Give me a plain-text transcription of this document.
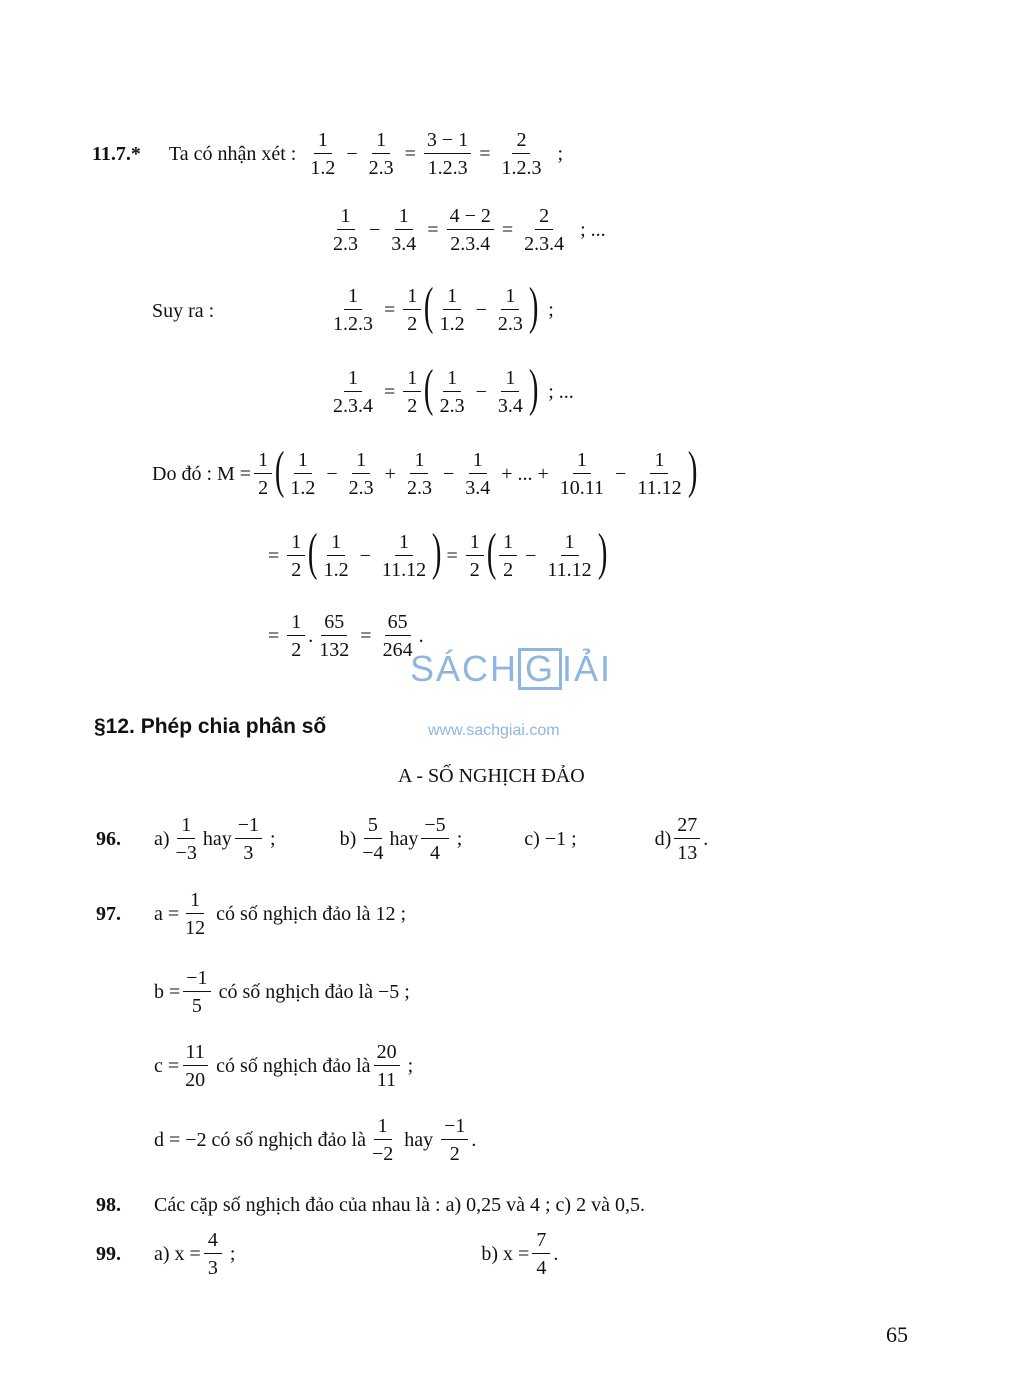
11.7.* Ta có nhận xét : $\frac{1}{1.2} - \frac{1}{2.3} = \frac{3 - 1}{1.2.3} = \frac{2}{1.2.3}$
;
$\frac{1}{2.3} - \frac{1}{3.4} = \frac{4 - 2}{2.3.4} = \frac{2}{2.3.4}$
; ...
Suy ra :	$\frac{1}{1.2.3} = \frac{1}{2}$ ( $\frac{1}{1.2} - \frac{1}{2.3}$ )
;
$\frac{1}{2.3.4} = \frac{1}{2}$ ( $\frac{1}{2.3} - \frac{1}{3.4}$ )
; ...
Do đó : $M = \frac{1}{2}$ ( $\frac{1}{1.2} - \frac{1}{2.3} + \frac{1}{2.3} - \frac{1}{3.4}$
+ ... +
$\frac{1}{10.11} - \frac{1}{11.12}$ )
= $\frac{1}{2}$ ( $\frac{1}{1.2} - \frac{1}{11.12}$ ) = $\frac{1}{2}$ ( $\frac{1}{2} - \frac{1}{11.12}$ )
= $\frac{1}{2}$ . $\frac{65}{132} = \frac{65}{264}$ .
SÁCH G IẢI
www.sachgiai.com
§12. Phép chia phân số
A - SỐ NGHỊCH ĐẢO
96.	$a) \frac{1}{-3}$ hay $\frac{-1}{3}$
;	$b) \frac{5}{-4}$ hay $\frac{-5}{4}$
;	c) −1 ;	$d) \frac{27}{13}$ .
97.	$a = \frac{1}{12}$
có số nghịch đảo là 12 ;
$b = \frac{-1}{5}$
có số nghịch đảo là −5 ;
$c = \frac{11}{20}$
có số nghịch đảo là $\frac{20}{11}$
;
d = −2 có số nghịch đảo là $\frac{1}{-2}$
hay
$\frac{-1}{2}$ .
98.	Các cặp số nghịch đảo của nhau là : a) 0,25 và 4 ; c) 2 và 0,5.
99.	a) $x = \frac{4}{3}$
;	b) $x = \frac{7}{4}$ .
65
